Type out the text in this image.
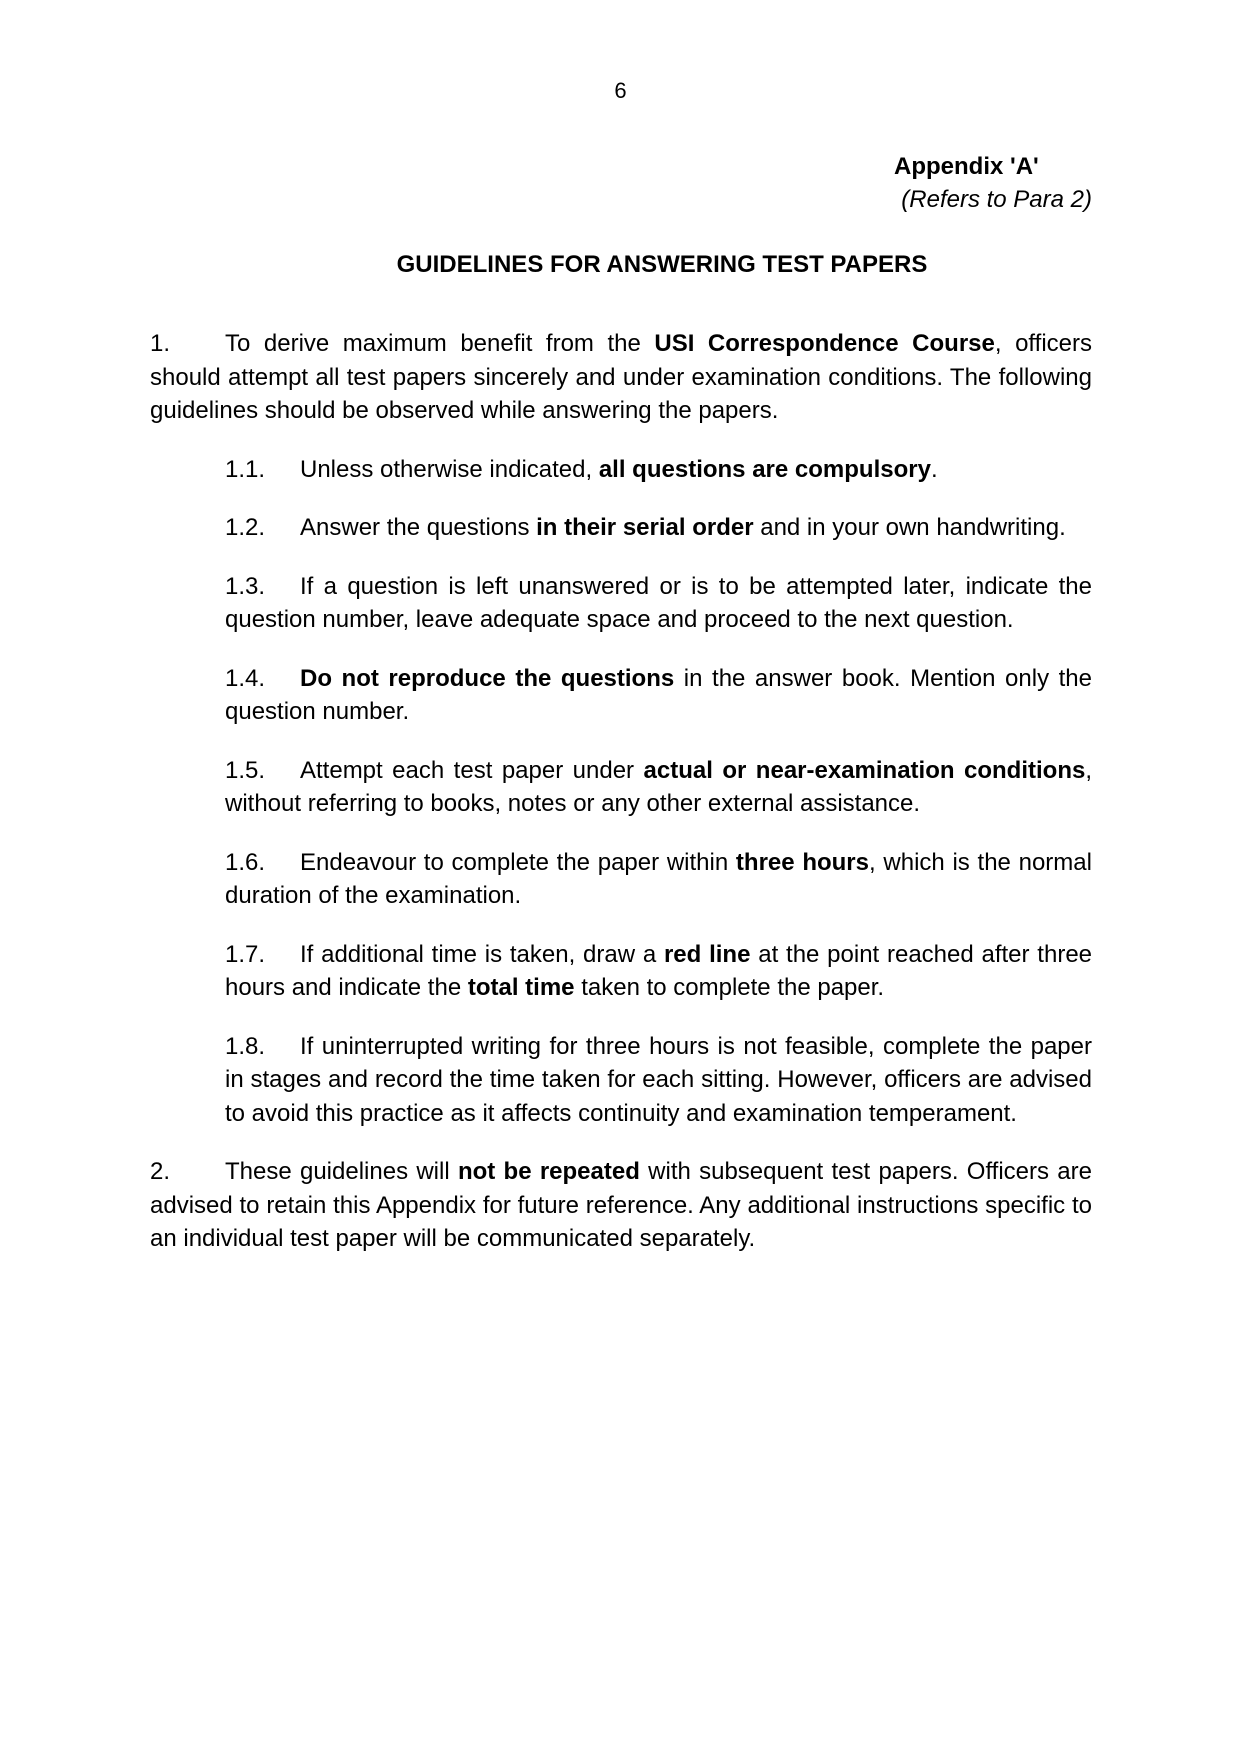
6
Appendix 'A'
(Refers to Para 2)
GUIDELINES FOR ANSWERING TEST PAPERS

1. To derive maximum benefit from the USI Correspondence Course, officers should attempt all test papers sincerely and under examination conditions. The following guidelines should be observed while answering the papers.

1.1. Unless otherwise indicated, all questions are compulsory.

1.2. Answer the questions in their serial order and in your own handwriting.

1.3. If a question is left unanswered or is to be attempted later, indicate the question number, leave adequate space and proceed to the next question.

1.4. Do not reproduce the questions in the answer book. Mention only the question number.

1.5. Attempt each test paper under actual or near-examination conditions, without referring to books, notes or any other external assistance.

1.6. Endeavour to complete the paper within three hours, which is the normal duration of the examination.

1.7. If additional time is taken, draw a red line at the point reached after three hours and indicate the total time taken to complete the paper.

1.8. If uninterrupted writing for three hours is not feasible, complete the paper in stages and record the time taken for each sitting. However, officers are advised to avoid this practice as it affects continuity and examination temperament.

2. These guidelines will not be repeated with subsequent test papers. Officers are advised to retain this Appendix for future reference. Any additional instructions specific to an individual test paper will be communicated separately.
